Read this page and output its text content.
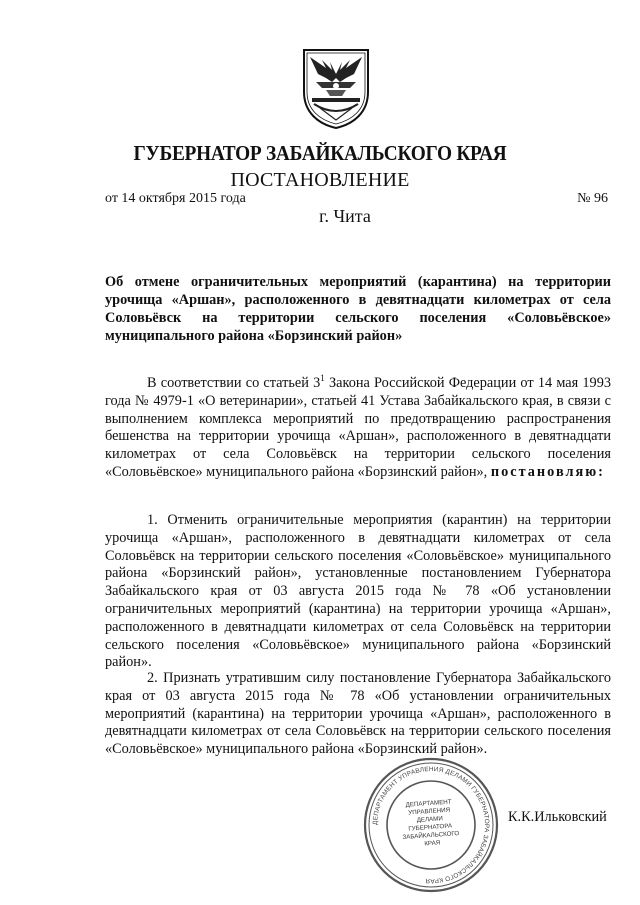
ГУБЕРНАТОР ЗАБАЙКАЛЬСКОГО КРАЯ
ПОСТАНОВЛЕНИЕ
от 14 октября 2015 года	№ 96
г. Чита
Об отмене ограничительных мероприятий (карантина) на территории урочища «Аршан», расположенного в девятнадцати километрах от села Соловьёвск на территории сельского поселения «Соловьёвское» муниципального района «Борзинский район»
В соответствии со статьей $3^1$ Закона Российской Федерации от 14 мая 1993 года № 4979-1 «О ветеринарии», статьей 41 Устава Забайкальского края, в связи с выполнением комплекса мероприятий по предотвращению распространения бешенства на территории урочища «Аршан», расположенного в девятнадцати километрах от села Соловьёвск на территории сельского поселения «Соловьёвское» муниципального района «Борзинский район», постановляю:
1. Отменить ограничительные мероприятия (карантин) на территории урочища «Аршан», расположенного в девятнадцати километрах от села Соловьёвск на территории сельского поселения «Соловьёвское» муниципального района «Борзинский район», установленные постановлением Губернатора Забайкальского края от 03 августа 2015 года № 78 «Об установлении ограничительных мероприятий (карантина) на территории урочища «Аршан», расположенного в девятнадцати километрах от села Соловьёвск на территории сельского поселения «Соловьёвское» муниципального района «Борзинский район».
2. Признать утратившим силу постановление Губернатора Забайкальского края от 03 августа 2015 года № 78 «Об установлении ограничительных мероприятий (карантина) на территории урочища «Аршан», расположенного в девятнадцати километрах от села Соловьёвск на территории сельского поселения «Соловьёвское» муниципального района «Борзинский район».
ДЕПАРТАМЕНТ УПРАВЛЕНИЯ ДЕЛАМИ ГУБЕРНАТОРА ЗАБАЙКАЛЬСКОГО КРАЯ
ДЕПАРТАМЕНТ УПРАВЛЕНИЯ ДЕЛАМИ ГУБЕРНАТОРА ЗАБАЙКАЛЬСКОГО КРАЯ
К.К.Ильковский
